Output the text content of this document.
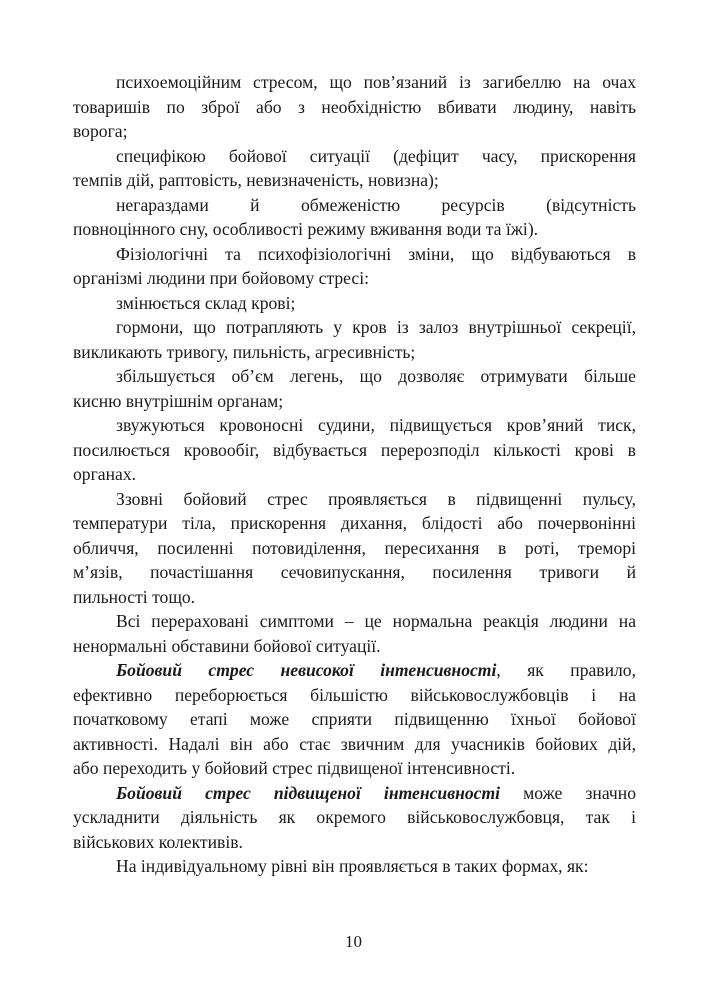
психоемоційним стресом, що пов’язаний із загибеллю на очах
товаришів по зброї або з необхідністю вбивати людину, навіть
ворога;
специфікою бойової ситуації (дефіцит часу, прискорення
темпів дій, раптовість, невизначеність, новизна);
негараздами й обмеженістю ресурсів (відсутність
повноцінного сну, особливості режиму вживання води та їжі).
Фізіологічні та психофізіологічні зміни, що відбуваються в
організмі людини при бойовому стресі:
змінюється склад крові;
гормони, що потрапляють у кров із залоз внутрішньої секреції,
викликають тривогу, пильність, агресивність;
збільшується об’єм легень, що дозволяє отримувати більше
кисню внутрішнім органам;
звужуються кровоносні судини, підвищується кров’яний тиск,
посилюється кровообіг, відбувається перерозподіл кількості крові в
органах.
Ззовні бойовий стрес проявляється в підвищенні пульсу,
температури тіла, прискорення дихання, блідості або почервонінні
обличчя, посиленні потовиділення, пересихання в роті, треморі
м’язів, почастішання сечовипускання, посилення тривоги й
пильності тощо.
Всі перераховані симптоми – це нормальна реакція людини на
ненормальні обставини бойової ситуації.
Бойовий стрес невисокої інтенсивності, як правило,
ефективно переборюється більшістю військовослужбовців і на
початковому етапі може сприяти підвищенню їхньої бойової
активності. Надалі він або стає звичним для учасників бойових дій,
або переходить у бойовий стрес підвищеної інтенсивності.
Бойовий стрес підвищеної інтенсивності може значно
ускладнити діяльність як окремого військовослужбовця, так і
військових колективів.
На індивідуальному рівні він проявляється в таких формах, як:
10
